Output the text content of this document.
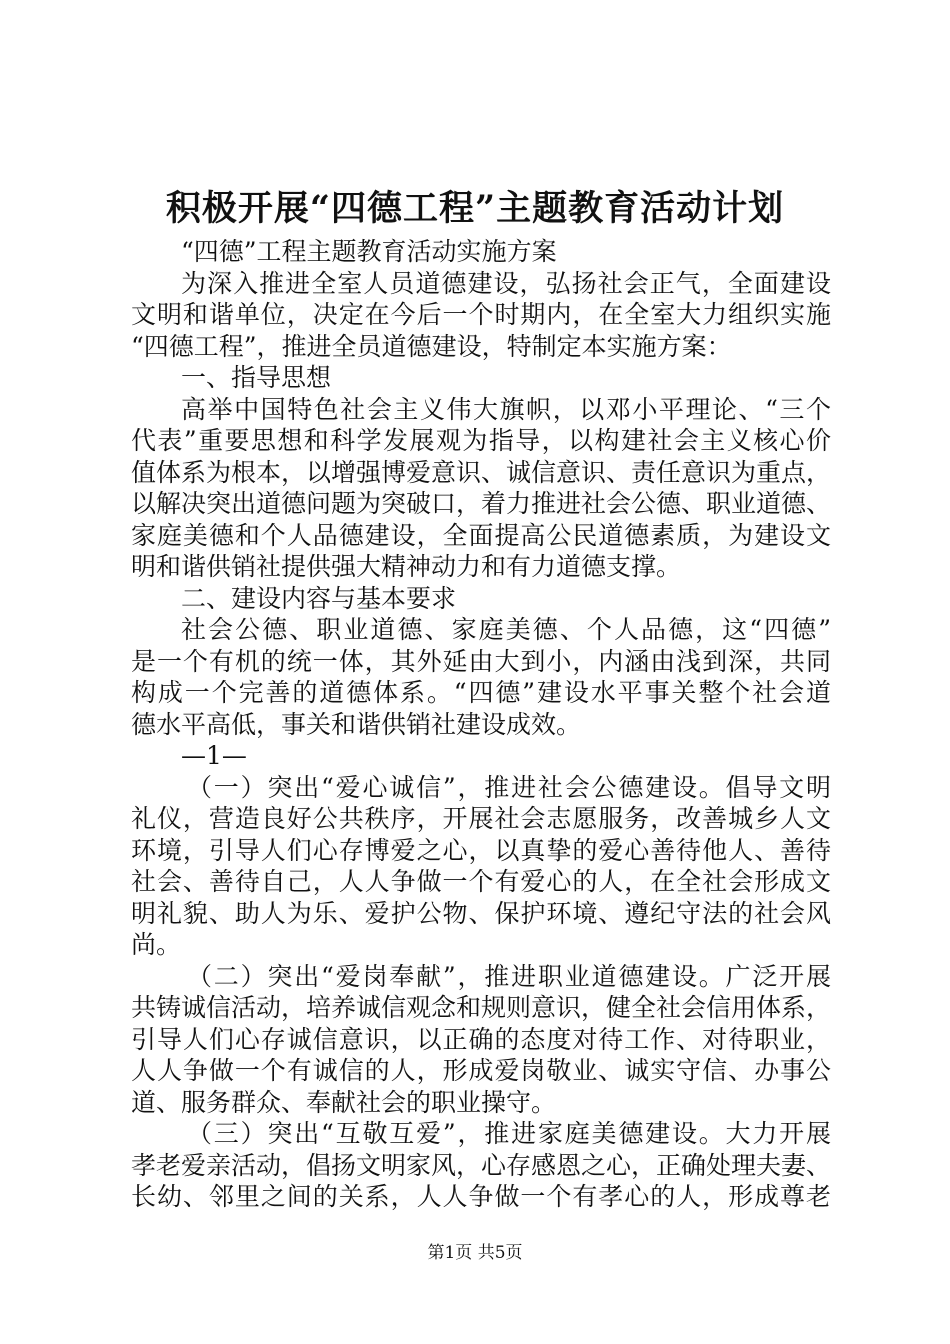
积极开展“四德工程”主题教育活动计划
“四德”工程主题教育活动实施方案
为深入推进全室人员道德建设，弘扬社会正气，全面建设
文明和谐单位，决定在今后一个时期内，在全室大力组织实施
“四德工程”，推进全员道德建设，特制定本实施方案：
一、指导思想
高举中国特色社会主义伟大旗帜，以邓小平理论、“三个
代表”重要思想和科学发展观为指导，以构建社会主义核心价
值体系为根本，以增强博爱意识、诚信意识、责任意识为重点，
以解决突出道德问题为突破口，着力推进社会公德、职业道德、
家庭美德和个人品德建设，全面提高公民道德素质，为建设文
明和谐供销社提供强大精神动力和有力道德支撑。
二、建设内容与基本要求
社会公德、职业道德、家庭美德、个人品德，这“四德”
是一个有机的统一体，其外延由大到小，内涵由浅到深，共同
构成一个完善的道德体系。“四德”建设水平事关整个社会道
德水平高低，事关和谐供销社建设成效。
—1—
（一）突出“爱心诚信”，推进社会公德建设。倡导文明
礼仪，营造良好公共秩序，开展社会志愿服务，改善城乡人文
环境，引导人们心存博爱之心，以真挚的爱心善待他人、善待
社会、善待自己，人人争做一个有爱心的人，在全社会形成文
明礼貌、助人为乐、爱护公物、保护环境、遵纪守法的社会风
尚。
（二）突出“爱岗奉献”，推进职业道德建设。广泛开展
共铸诚信活动，培养诚信观念和规则意识，健全社会信用体系，
引导人们心存诚信意识，以正确的态度对待工作、对待职业，
人人争做一个有诚信的人，形成爱岗敬业、诚实守信、办事公
道、服务群众、奉献社会的职业操守。
（三）突出“互敬互爱”，推进家庭美德建设。大力开展
孝老爱亲活动，倡扬文明家风，心存感恩之心，正确处理夫妻、
长幼、邻里之间的关系，人人争做一个有孝心的人，形成尊老
第1页 共5页
